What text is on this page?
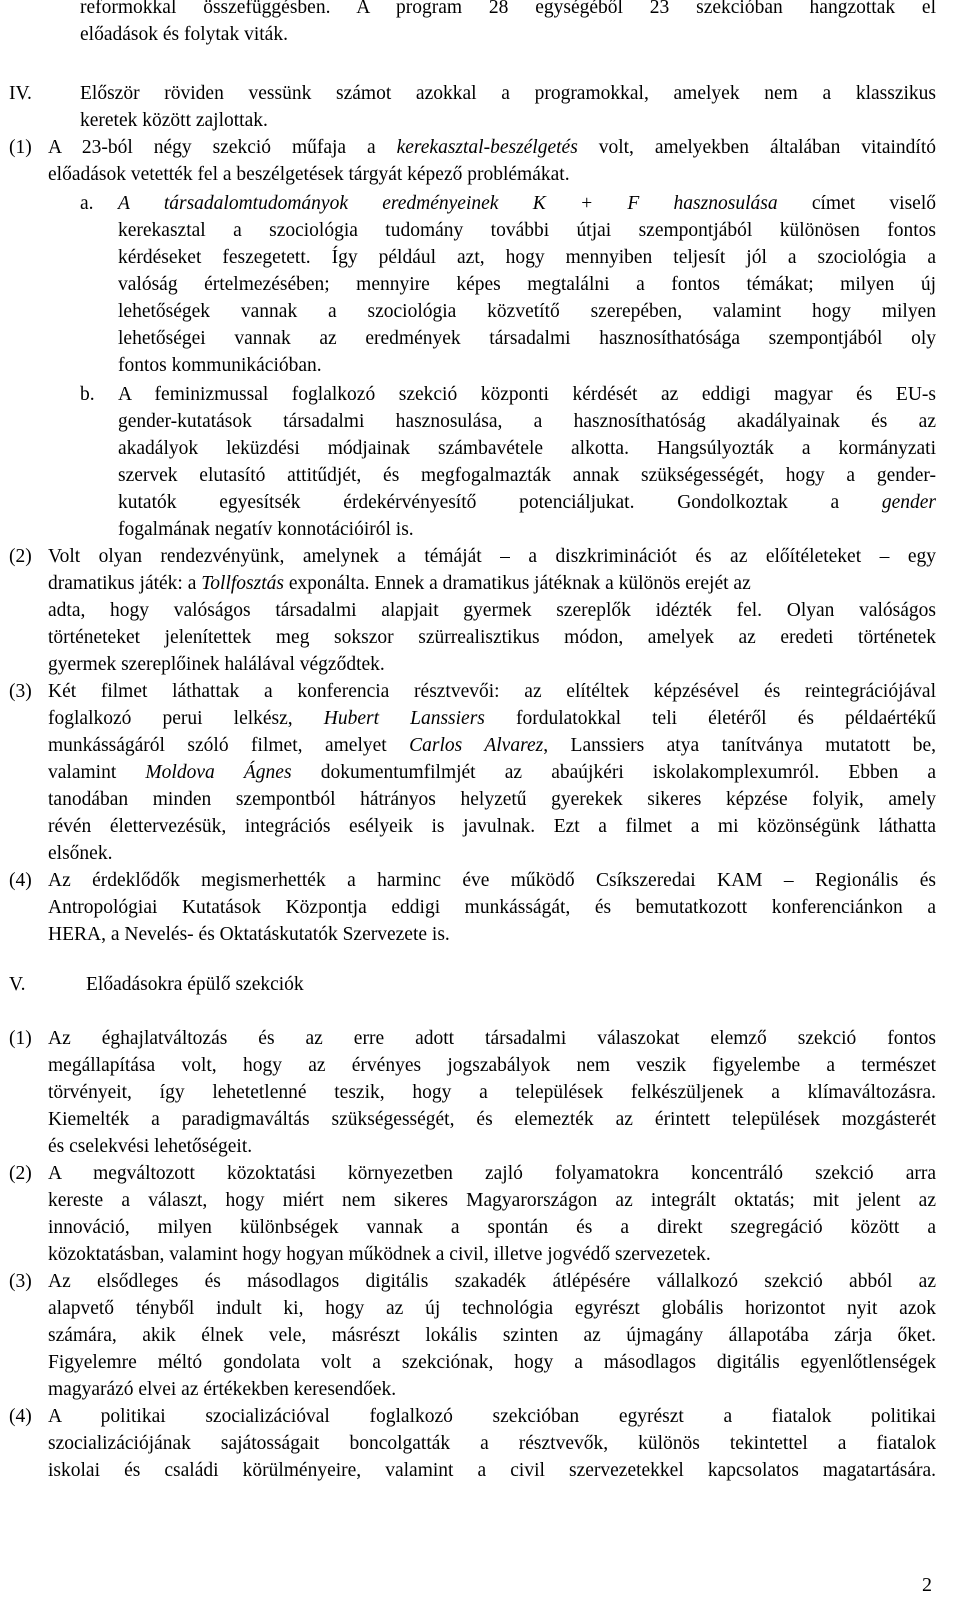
reformokkal összefüggésben. A program 28 egységéből 23 szekcióban hangzottak el
előadások és folytak viták.
IV. Először röviden vessünk számot azokkal a programokkal, amelyek nem a klasszikus
keretek között zajlottak.
(1) A 23-ból négy szekció műfaja a kerekasztal-beszélgetés volt, amelyekben általában vitaindító
előadások vetették fel a beszélgetések tárgyát képező problémákat.
a. A társadalomtudományok eredményeinek K + F hasznosulása címet viselő
kerekasztal a szociológia tudomány további útjai szempontjából különösen fontos
kérdéseket feszegetett. Így például azt, hogy mennyiben teljesít jól a szociológia a
valóság értelmezésében; mennyire képes megtalálni a fontos témákat; milyen új
lehetőségek vannak a szociológia közvetítő szerepében, valamint hogy milyen
lehetőségei vannak az eredmények társadalmi hasznosíthatósága szempontjából oly
fontos kommunikációban.
b. A feminizmussal foglalkozó szekció központi kérdését az eddigi magyar és EU-s
gender-kutatások társadalmi hasznosulása, a hasznosíthatóság akadályainak és az
akadályok leküzdési módjainak számbavétele alkotta. Hangsúlyozták a kormányzati
szervek elutasító attitűdjét, és megfogalmazták annak szükségességét, hogy a gender-
kutatók egyesítsék érdekérvényesítő potenciáljukat. Gondolkoztak a gender
fogalmának negatív konnotációiról is.
(2) Volt olyan rendezvényünk, amelynek a témáját – a diszkriminációt és az előítéleteket – egy
dramatikus játék: a Tollfosztás exponálta. Ennek a dramatikus játéknak a különös erejét az
adta, hogy valóságos társadalmi alapjait gyermek szereplők idézték fel. Olyan valóságos
történeteket jelenítettek meg sokszor szürrealisztikus módon, amelyek az eredeti történetek
gyermek szereplőinek halálával végződtek.
(3) Két filmet láthattak a konferencia résztvevői: az elítéltek képzésével és reintegrációjával
foglalkozó perui lelkész, Hubert Lanssiers fordulatokkal teli életéről és példaértékű
munkásságáról szóló filmet, amelyet Carlos Alvarez, Lanssiers atya tanítványa mutatott be,
valamint Moldova Ágnes dokumentumfilmjét az abaújkéri iskolakomplexumról. Ebben a
tanodában minden szempontból hátrányos helyzetű gyerekek sikeres képzése folyik, amely
révén élettervezésük, integrációs esélyeik is javulnak. Ezt a filmet a mi közönségünk láthatta
elsőnek.
(4) Az érdeklődők megismerhették a harminc éve működő Csíkszeredai KAM – Regionális és
Antropológiai Kutatások Központja eddigi munkásságát, és bemutatkozott konferenciánkon a
HERA, a Nevelés- és Oktatáskutatók Szervezete is.
V.	Előadásokra épülő szekciók
(1) Az éghajlatváltozás és az erre adott társadalmi válaszokat elemző szekció fontos
megállapítása volt, hogy az érvényes jogszabályok nem veszik figyelembe a természet
törvényeit, így lehetetlenné teszik, hogy a települések felkészüljenek a klímaváltozásra.
Kiemelték a paradigmaváltás szükségességét, és elemezték az érintett települések mozgásterét
és cselekvési lehetőségeit.
(2) A megváltozott közoktatási környezetben zajló folyamatokra koncentráló szekció arra
kereste a választ, hogy miért nem sikeres Magyarországon az integrált oktatás; mit jelent az
innováció, milyen különbségek vannak a spontán és a direkt szegregáció között a
közoktatásban, valamint hogy hogyan működnek a civil, illetve jogvédő szervezetek.
(3) Az elsődleges és másodlagos digitális szakadék átlépésére vállalkozó szekció abból az
alapvető tényből indult ki, hogy az új technológia egyrészt globális horizontot nyit azok
számára, akik élnek vele, másrészt lokális szinten az újmagány állapotába zárja őket.
Figyelemre méltó gondolata volt a szekciónak, hogy a másodlagos digitális egyenlőtlenségek
magyarázó elvei az értékekben keresendőek.
(4) A politikai szocializációval foglalkozó szekcióban egyrészt a fiatalok politikai
szocializációjának sajátosságait boncolgatták a résztvevők, különös tekintettel a fiatalok
iskolai és családi körülményeire, valamint a civil szervezetekkel kapcsolatos magatartására.
2
